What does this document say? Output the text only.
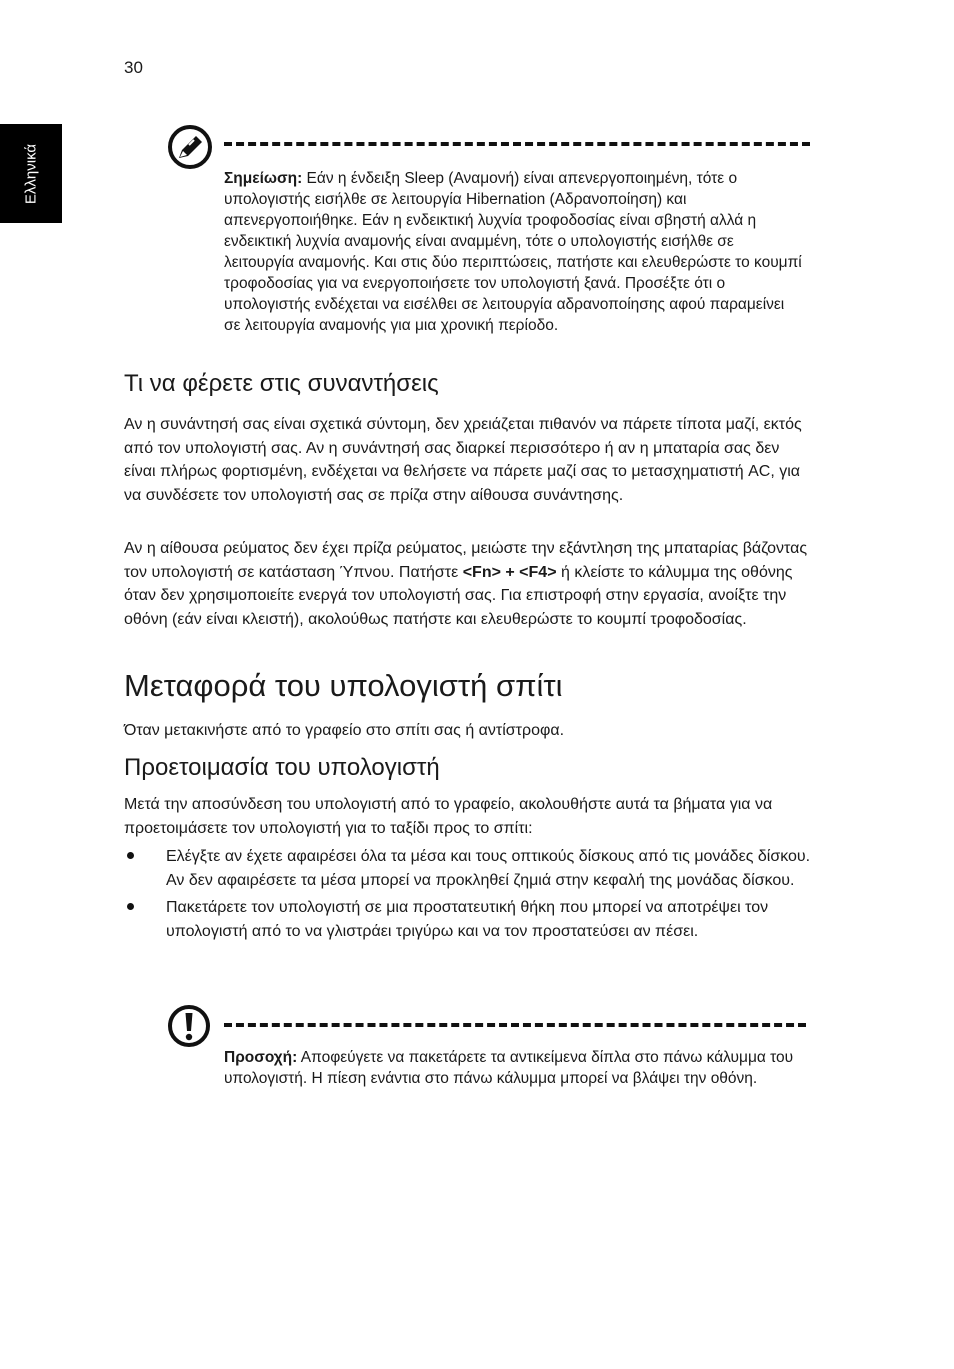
30
Ελληνικά	Σημείωση: Εάν η ένδειξη Sleep (Αναμονή) είναι απενεργοποιημένη, τότε ο υπολογιστής εισήλθε σε λειτουργία Hibernation (Αδρανοποίηση) και απενεργοποιήθηκε. Εάν η ενδεικτική λυχνία τροφοδοσίας είναι σβηστή αλλά η ενδεικτική λυχνία αναμονής είναι αναμμένη, τότε ο υπολογιστής εισήλθε σε λειτουργία αναμονής. Και στις δύο περιπτώσεις, πατήστε και ελευθερώστε το κουμπί τροφοδοσίας για να ενεργοποιήσετε τον υπολογιστή ξανά. Προσέξτε ότι ο υπολογιστής ενδέχεται να εισέλθει σε λειτουργία αδρανοποίησης αφού παραμείνει σε λειτουργία αναμονής για μια χρονική περίοδο.
Τι να φέρετε στις συναντήσεις

Αν η συνάντησή σας είναι σχετικά σύντομη, δεν χρειάζεται πιθανόν να πάρετε τίποτα μαζί, εκτός από τον υπολογιστή σας. Αν η συνάντησή σας διαρκεί περισσότερο ή αν η μπαταρία σας δεν είναι πλήρως φορτισμένη, ενδέχεται να θελήσετε να πάρετε μαζί σας το μετασχηματιστή AC, για να συνδέσετε τον υπολογιστή σας σε πρίζα στην αίθουσα συνάντησης.

Αν η αίθουσα ρεύματος δεν έχει πρίζα ρεύματος, μειώστε την εξάντληση της μπαταρίας βάζοντας τον υπολογιστή σε κατάσταση Ύπνου. Πατήστε <Fn> + <F4> ή κλείστε το κάλυμμα της οθόνης όταν δεν χρησιμοποιείτε ενεργά τον υπολογιστή σας. Για επιστροφή στην εργασία, ανοίξτε την οθόνη (εάν είναι κλειστή), ακολούθως πατήστε και ελευθερώστε το κουμπί τροφοδοσίας.

Μεταφορά του υπολογιστή σπίτι

Όταν μετακινήστε από το γραφείο στο σπίτι σας ή αντίστροφα.

Προετοιμασία του υπολογιστή

Μετά την αποσύνδεση του υπολογιστή από το γραφείο, ακολουθήστε αυτά τα βήματα για να προετοιμάσετε τον υπολογιστή για το ταξίδι προς το σπίτι:

Ελέγξτε αν έχετε αφαιρέσει όλα τα μέσα και τους οπτικούς δίσκους από τις μονάδες δίσκου. Αν δεν αφαιρέσετε τα μέσα μπορεί να προκληθεί ζημιά στην κεφαλή της μονάδας δίσκου.
Πακετάρετε τον υπολογιστή σε μια προστατευτική θήκη που μπορεί να αποτρέψει τον υπολογιστή από το να γλιστράει τριγύρω και να τον προστατεύσει αν πέσει.
Προσοχή: Αποφεύγετε να πακετάρετε τα αντικείμενα δίπλα στο πάνω κάλυμμα του υπολογιστή. Η πίεση ενάντια στο πάνω κάλυμμα μπορεί να βλάψει την οθόνη.
